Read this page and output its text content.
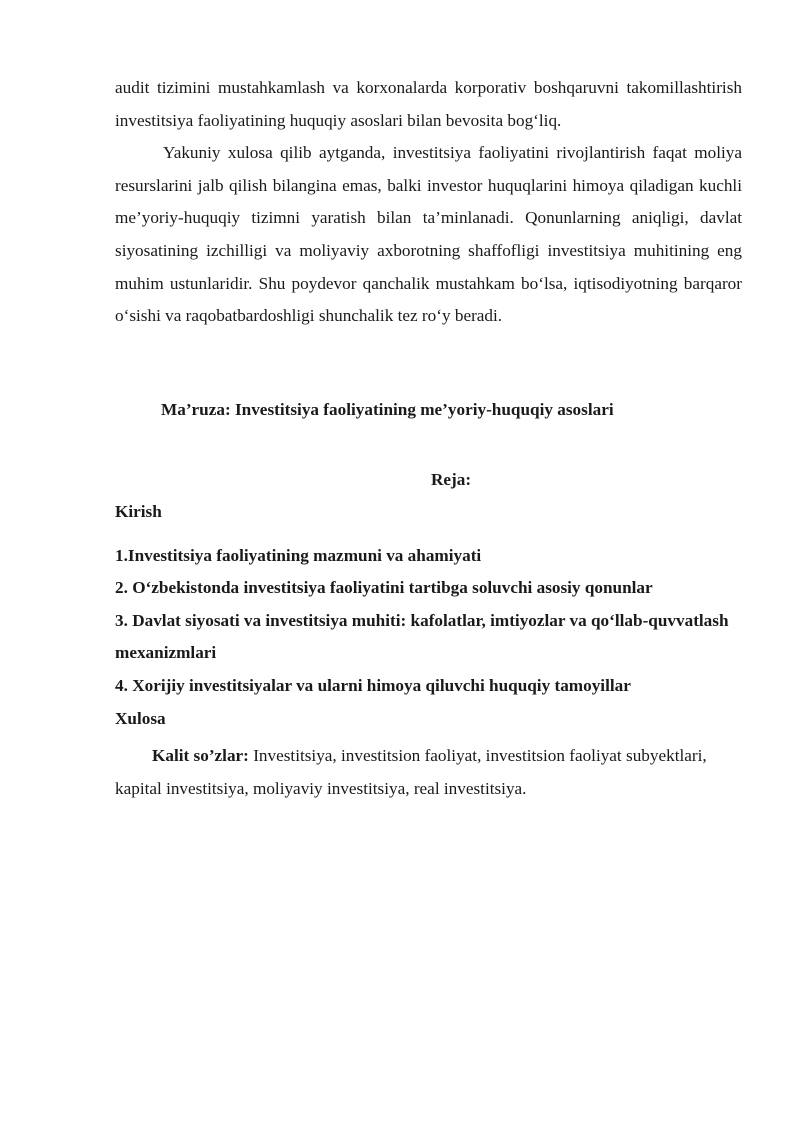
audit tizimini mustahkamlash va korxonalarda korporativ boshqaruvni takomillashtirish investitsiya faoliyatining huquqiy asoslari bilan bevosita bog‘liq.

Yakuniy xulosa qilib aytganda, investitsiya faoliyatini rivojlantirish faqat moliya resurslarini jalb qilish bilangina emas, balki investor huquqlarini himoya qiladigan kuchli me’yoriy-huquqiy tizimni yaratish bilan ta’minlanadi. Qonunlarning aniqligi, davlat siyosatining izchilligi va moliyaviy axborotning shaffofligi investitsiya muhitining eng muhim ustunlaridir. Shu poydevor qanchalik mustahkam bo‘lsa, iqtisodiyotning barqaror o‘sishi va raqobatbardoshligi shunchalik tez ro‘y beradi.

Ma’ruza: Investitsiya faoliyatining me’yoriy-huquqiy asoslari
Reja:
Kirish
1.Investitsiya faoliyatining mazmuni va ahamiyati
2. O‘zbekistonda investitsiya faoliyatini tartibga soluvchi asosiy qonunlar
3. Davlat siyosati va investitsiya muhiti: kafolatlar, imtiyozlar va qo‘llab-quvvatlash mexanizmlari
4. Xorijiy investitsiyalar va ularni himoya qiluvchi huquqiy tamoyillar
Xulosa

Kalit so’zlar: Investitsiya, investitsion faoliyat, investitsion faoliyat subyektlari, kapital investitsiya, moliyaviy investitsiya, real investitsiya.
